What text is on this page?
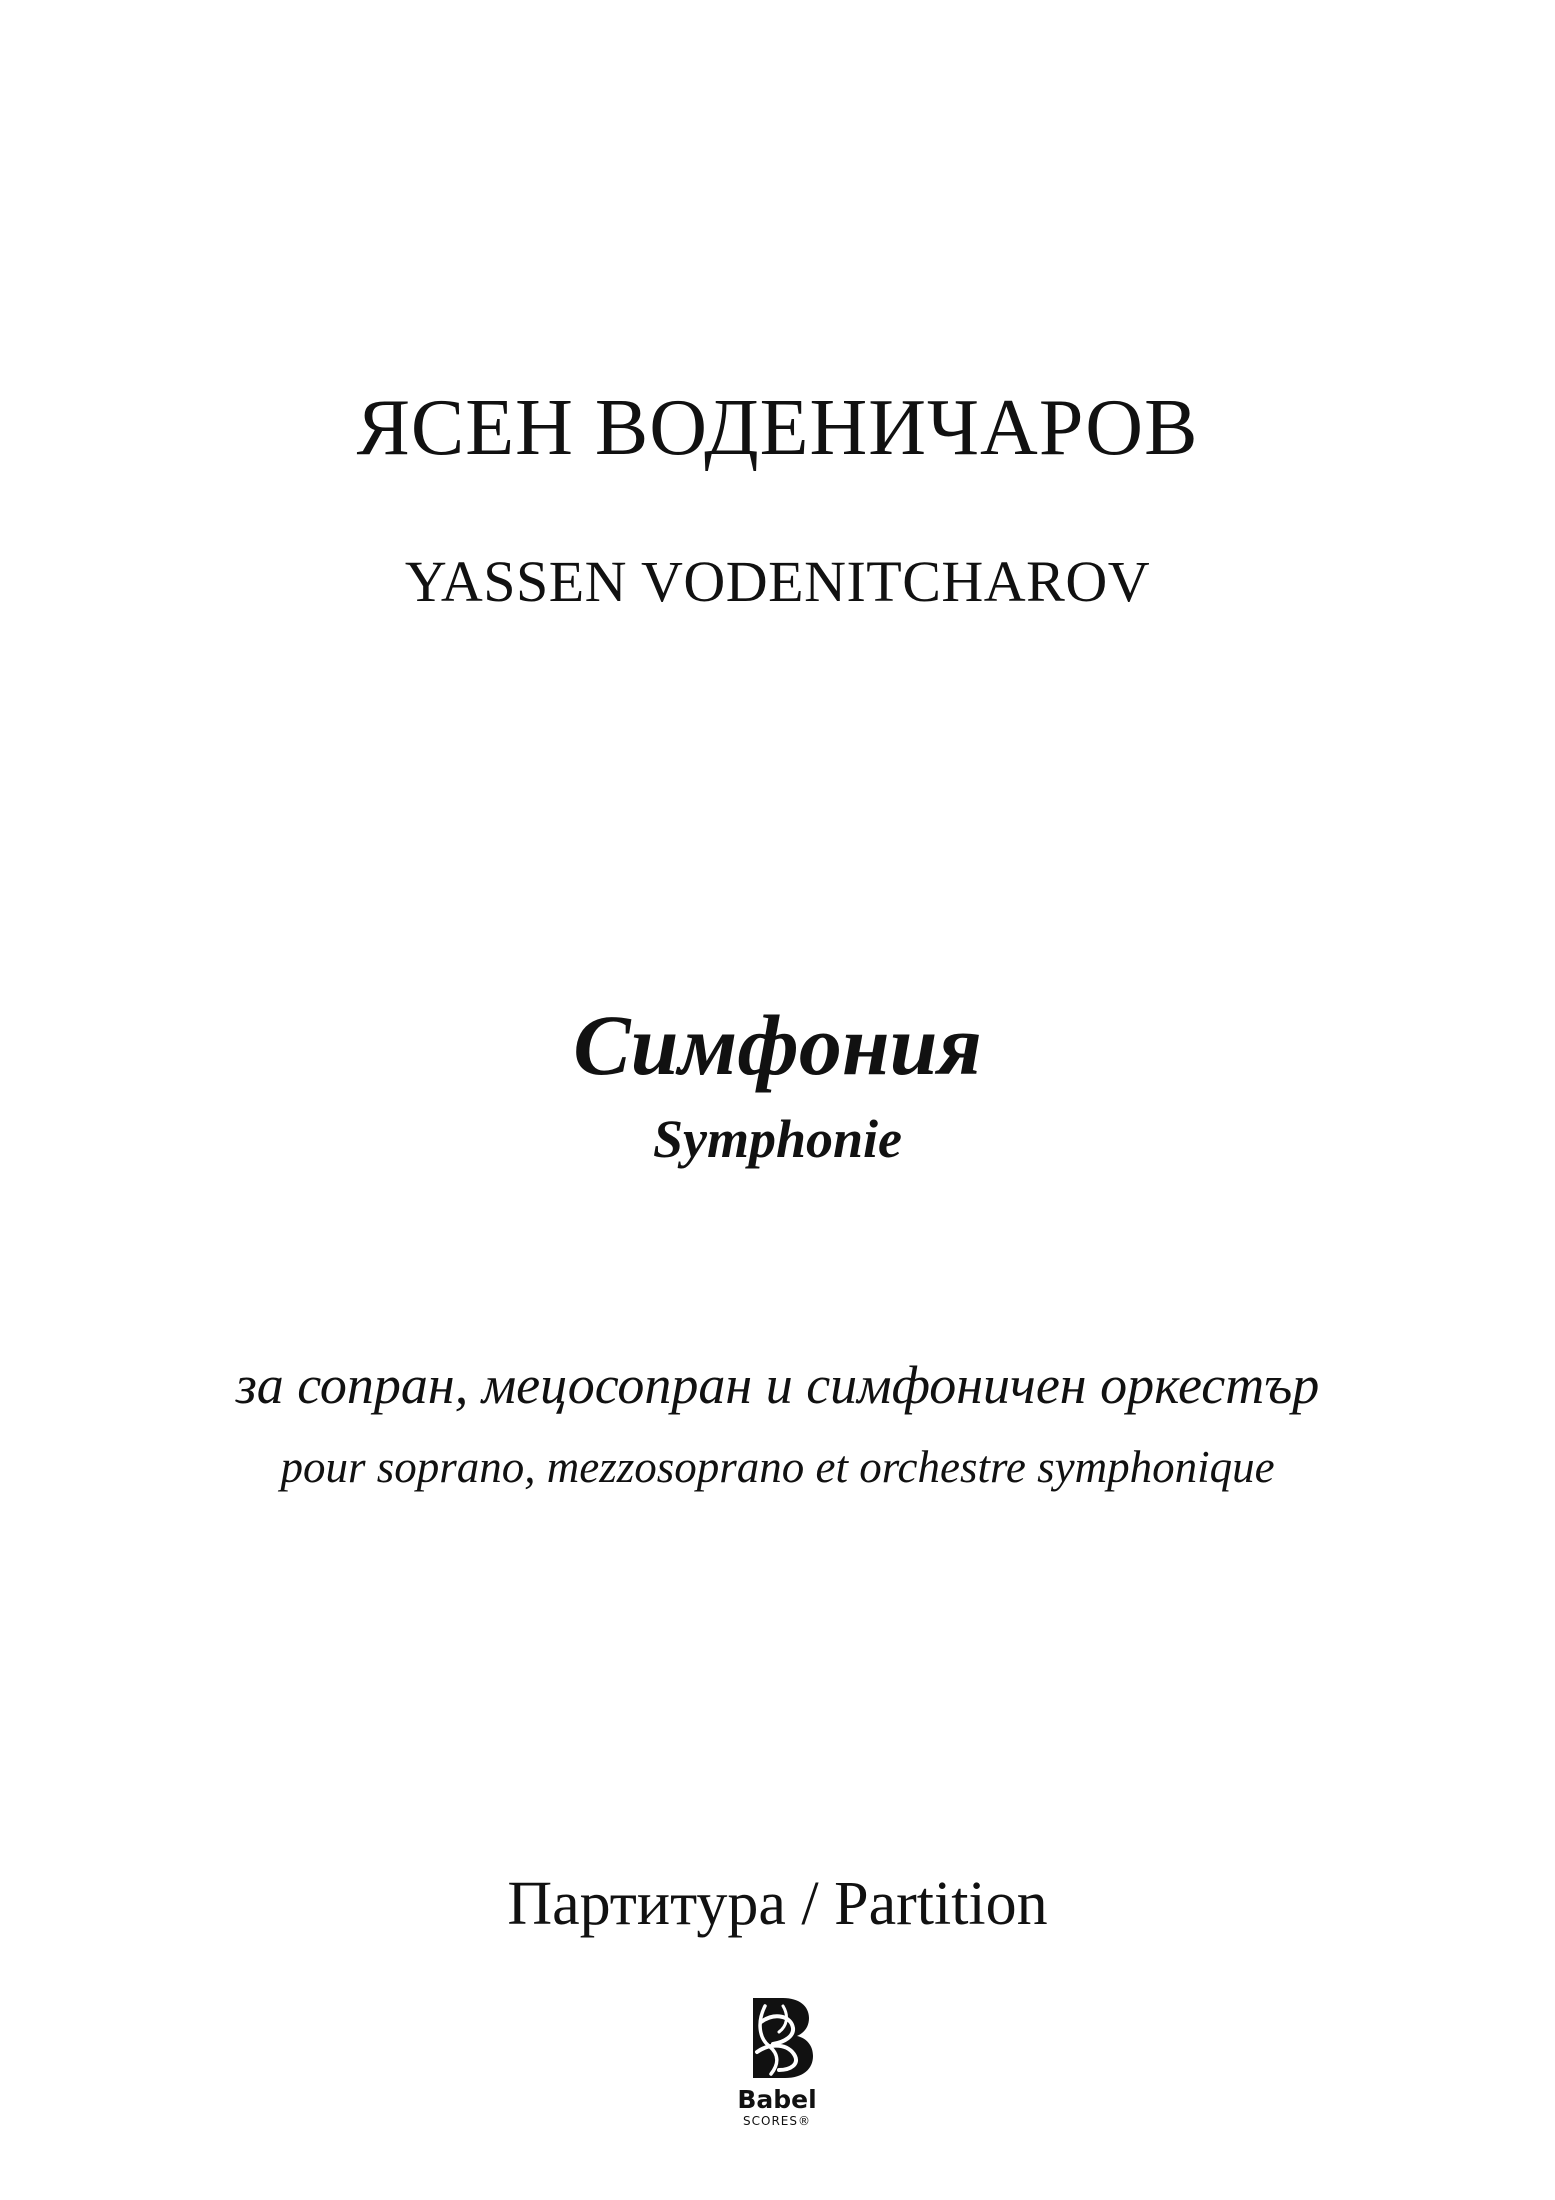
ЯСЕН ВОДЕНИЧАРОВ
YASSEN VODENITCHAROV
Симфония
Symphonie
за сопран, мецосопран и симфоничен оркестър
pour soprano, mezzosoprano et orchestre symphonique
Партитура / Partition
Babel
SCORES®
